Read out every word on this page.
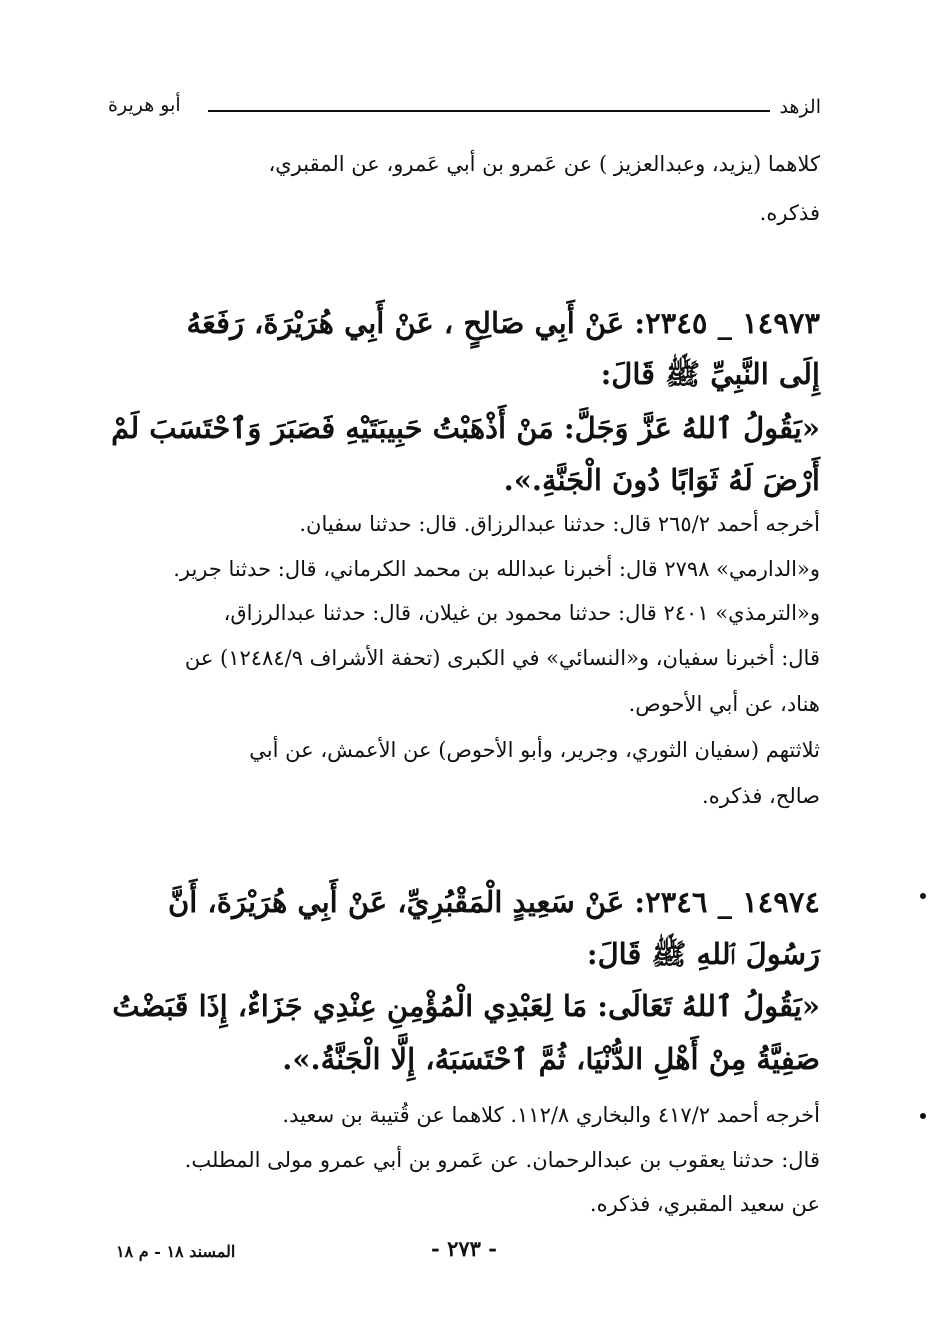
الزهد
أبو هريرة
كلاهما (يزيد، وعبدالعزيز ) عن عَمرو بن أبي عَمرو، عن المقبري،
فذكره.
١٤٩٧٣ _ ٢٣٤٥: عَنْ أَبِي صَالِحٍ ، عَنْ أَبِي هُرَيْرَةَ، رَفَعَهُ
إِلَى النَّبِيِّ ﷺ قَالَ:
«يَقُولُ ٱللهُ عَزَّ وَجَلَّ: مَنْ أَذْهَبْتُ حَبِيبَتَيْهِ فَصَبَرَ وَٱحْتَسَبَ لَمْ
أَرْضَ لَهُ ثَوَابًا دُونَ الْجَنَّةِ.».
أخرجه أحمد ٢٦٥/٢ قال: حدثنا عبدالرزاق. قال: حدثنا سفيان.
و«الدارمي» ٢٧٩٨ قال: أخبرنا عبدالله بن محمد الكرماني، قال: حدثنا جرير.
و«الترمذي» ٢٤٠١ قال: حدثنا محمود بن غيلان، قال: حدثنا عبدالرزاق،
قال: أخبرنا سفيان، و«النسائي» في الكبرى (تحفة الأشراف ١٢٤٨٤/٩) عن
هناد، عن أبي الأحوص.
ثلاثتهم (سفيان الثوري، وجرير، وأبو الأحوص) عن الأعمش، عن أبي
صالح، فذكره.
١٤٩٧٤ _ ٢٣٤٦: عَنْ سَعِيدٍ الْمَقْبُرِيِّ، عَنْ أَبِي هُرَيْرَةَ، أَنَّ
رَسُولَ ٱللهِ ﷺ قَالَ:
«يَقُولُ ٱللهُ تَعَالَى: مَا لِعَبْدِي الْمُؤْمِنِ عِنْدِي جَزَاءٌ، إِذَا قَبَضْتُ
صَفِيَّةُ مِنْ أَهْلِ الدُّنْيَا، ثُمَّ ٱحْتَسَبَهُ، إِلَّا الْجَنَّةُ.».
أخرجه أحمد ٤١٧/٢ والبخاري ١١٢/٨. كلاهما عن قُتيبة بن سعيد.
قال: حدثنا يعقوب بن عبدالرحمان. عن عَمرو بن أبي عمرو مولى المطلب.
عن سعيد المقبري، فذكره.
- ٢٧٣ -
المسند ١٨ - م ١٨
